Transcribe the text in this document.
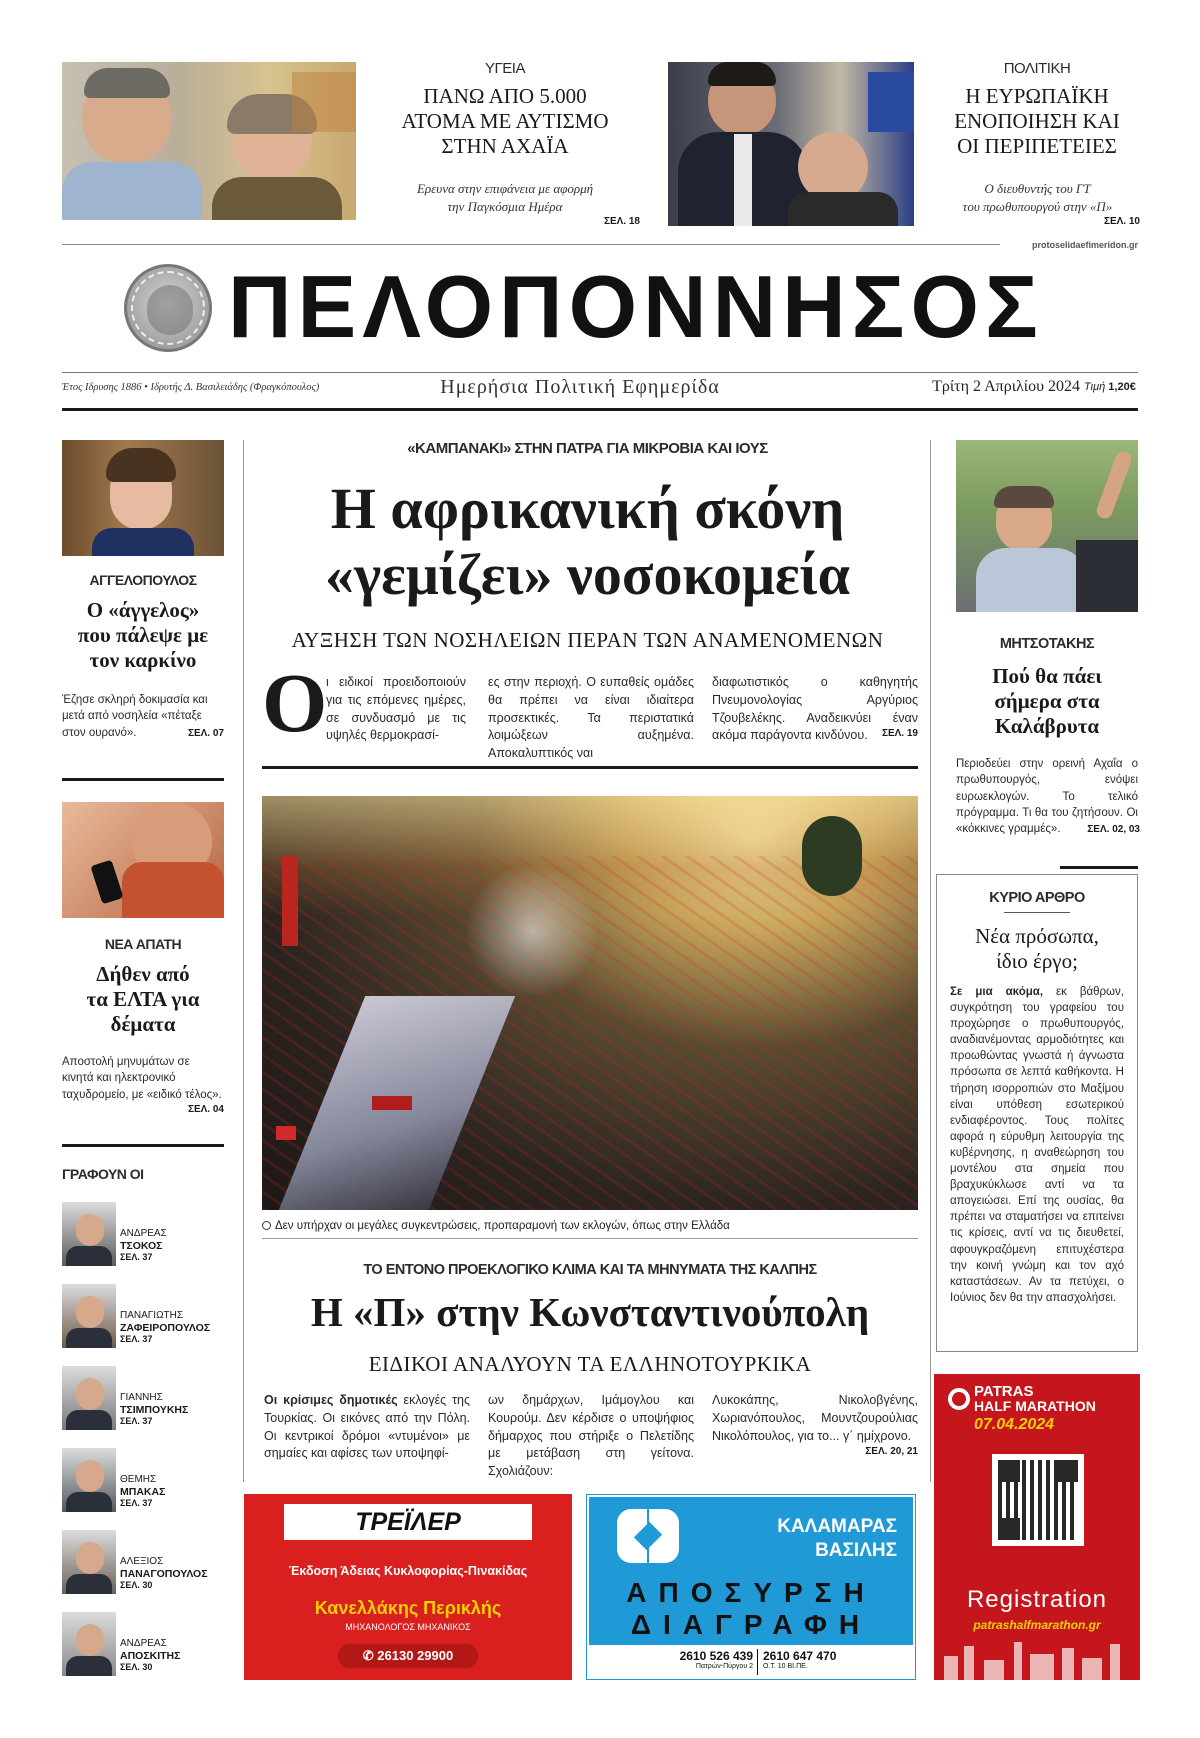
ΥΓΕΙΑ
ΠΑΝΩ ΑΠΟ 5.000
ΑΤΟΜΑ ΜΕ ΑΥΤΙΣΜΟ
ΣΤΗΝ ΑΧΑΪΑ
Ερευνα στην επιφάνεια με αφορμή
την Παγκόσμια Ημέρα
ΣΕΛ. 18
ΠΟΛΙΤΙΚΗ
Η ΕΥΡΩΠΑΪΚΗ
ΕΝΟΠΟΙΗΣΗ ΚΑΙ
ΟΙ ΠΕΡΙΠΕΤΕΙΕΣ
Ο διευθυντής του ΓΤ
του πρωθυπουργού στην «Π»
ΣΕΛ. 10
protoselidaefimeridon.gr
ΠΕΛΟΠΟΝΝΗΣΟΣ
Έτος Ιδρυσης 1886 • Ιδρυτής Δ. Βασιλειάδης (Φραγκόπουλος)	Ημερήσια Πολιτική Εφημερίδα	Τρίτη 2 Απριλίου 2024 Τιμή 1,20€
ΑΓΓΕΛΟΠΟΥΛΟΣ
Ο «άγγελος»
που πάλεψε με
τον καρκίνο
Έζησε σκληρή δοκιμασία και μετά από νοσηλεία «πέταξε στον ουρανό».	ΣΕΛ. 07
ΝΕΑ ΑΠΑΤΗ
Δήθεν από
τα ΕΛΤΑ για
δέματα
Αποστολή μηνυμάτων σε κινητά και ηλεκτρονικό ταχυδρομείο, με «ειδικό τέλος».
ΣΕΛ. 04
ΓΡΑΦΟΥΝ ΟΙ
ΑΝΔΡΕΑΣ
ΤΣΟΚΟΣ
ΣΕΛ. 37
ΠΑΝΑΓΙΩΤΗΣ
ΖΑΦΕΙΡΟΠΟΥΛΟΣ
ΣΕΛ. 37
ΓΙΑΝΝΗΣ
ΤΣΙΜΠΟΥΚΗΣ
ΣΕΛ. 37
ΘΕΜΗΣ
ΜΠΑΚΑΣ
ΣΕΛ. 37
ΑΛΕΞΙΟΣ
ΠΑΝΑΓΟΠΟΥΛΟΣ
ΣΕΛ. 30
ΑΝΔΡΕΑΣ
ΑΠΟΣΚΙΤΗΣ
ΣΕΛ. 30
«ΚΑΜΠΑΝΑΚΙ» ΣΤΗΝ ΠΑΤΡΑ ΓΙΑ ΜΙΚΡΟΒΙΑ ΚΑΙ ΙΟΥΣ
Η αφρικανική σκόνη
«γεμίζει» νοσοκομεία
ΑΥΞΗΣΗ ΤΩΝ ΝΟΣΗΛΕΙΩΝ ΠΕΡΑΝ ΤΩΝ ΑΝΑΜΕΝΟΜΕΝΩΝ
Ο
ι ειδικοί προειδοποιούν για τις επόμενες ημέρες, σε συνδυασμό με τις υψηλές θερμοκρασί-
ες στην περιοχή. Ο ευπαθείς ομάδες θα πρέπει να είναι ιδιαίτερα προσεκτικές. Τα περιστατικά λοιμώξεων αυξημένα. Αποκαλυπτικός ναι
διαφωτιστικός ο καθηγητής Πνευμονολογίας Αργύριος Τζουβελέκης. Αναδεικνύει έναν ακόμα παράγοντα κινδύνου.	ΣΕΛ. 19
Δεν υπήρχαν οι μεγάλες συγκεντρώσεις, προπαραμονή των εκλογών, όπως στην Ελλάδα
ΤΟ ΕΝΤΟΝΟ ΠΡΟΕΚΛΟΓΙΚΟ ΚΛΙΜΑ ΚΑΙ ΤΑ ΜΗΝΥΜΑΤΑ ΤΗΣ ΚΑΛΠΗΣ
Η «Π» στην Κωνσταντινούπολη
ΕΙΔΙΚΟΙ ΑΝΑΛΥΟΥΝ ΤΑ ΕΛΛΗΝΟΤΟΥΡΚΙΚΑ
Οι κρίσιμες δημοτικές εκλογές της Τουρκίας. Οι εικόνες από την Πόλη. Οι κεντρικοί δρόμοι «ντυμένοι» με σημαίες και αφίσες των υποψηφί-
ων δημάρχων, Ιμάμογλου και Κουρούμ. Δεν κέρδισε ο υποψήφιος δήμαρχος που στήριξε ο Πελετίδης με μετάβαση στη γείτονα. Σχολιάζουν:
Λυκοκάπης, Νικολοβγένης, Χωριανόπουλος, Μουντζουρούλιας Νικολόπουλος, για το... γ΄ ημίχρονο.
ΣΕΛ. 20, 21
ΜΗΤΣΟΤΑΚΗΣ
Πού θα πάει
σήμερα στα
Καλάβρυτα
Περιοδεύει στην ορεινή Αχαΐα ο πρωθυπουργός, ενόψει ευρωεκλογών. Το τελικό πρόγραμμα. Τι θα του ζητήσουν. Οι «κόκκινες γραμμές».	ΣΕΛ. 02, 03
ΚΥΡΙΟ ΑΡΘΡΟ
Νέα πρόσωπα,
ίδιο έργο;
Σε μια ακόμα, εκ βάθρων, συγκρότηση του γραφείου του προχώρησε ο πρωθυπουργός, αναδιανέμοντας αρμοδιότητες και προωθώντας γνωστά ή άγνωστα πρόσωπα σε λεπτά καθήκοντα. Η τήρηση ισορροπιών στο Μαξίμου είναι υπόθεση εσωτερικού ενδιαφέροντος. Τους πολίτες αφορά η εύρυθμη λειτουργία της κυβέρνησης, η αναθεώρηση του μοντέλου στα σημεία που βραχυκύκλωσε αντί να τα απογειώσει. Επί της ουσίας, θα πρέπει να σταματήσει να επιτείνει τις κρίσεις, αντί να τις διευθετεί, αφουγκραζόμενη επιτυχέστερα την κοινή γνώμη και τον αχό καταστάσεων. Αν τα πετύχει, ο Ιούνιος δεν θα την απασχολήσει.
ΤΡΕΪΛΕΡ
Έκδοση Άδειας Κυκλοφορίας-Πινακίδας
Κανελλάκης Περικλής
ΜΗΧΑΝΟΛΟΓΟΣ ΜΗΧΑΝΙΚΟΣ
✆ 26130 29900
ΚΑΛΑΜΑΡΑΣ
ΒΑΣΙΛΗΣ
ΑΠΟΣΥΡΣΗ
ΔΙΑΓΡΑΦΗ
2610 526 439
Πατρών-Πύργου 2
2610 647 470
Ο.Τ. 10 ΒΙ.ΠΕ.
PATRAS
HALF MARATHON
07.04.2024
Registration
patrashalfmarathon.gr
